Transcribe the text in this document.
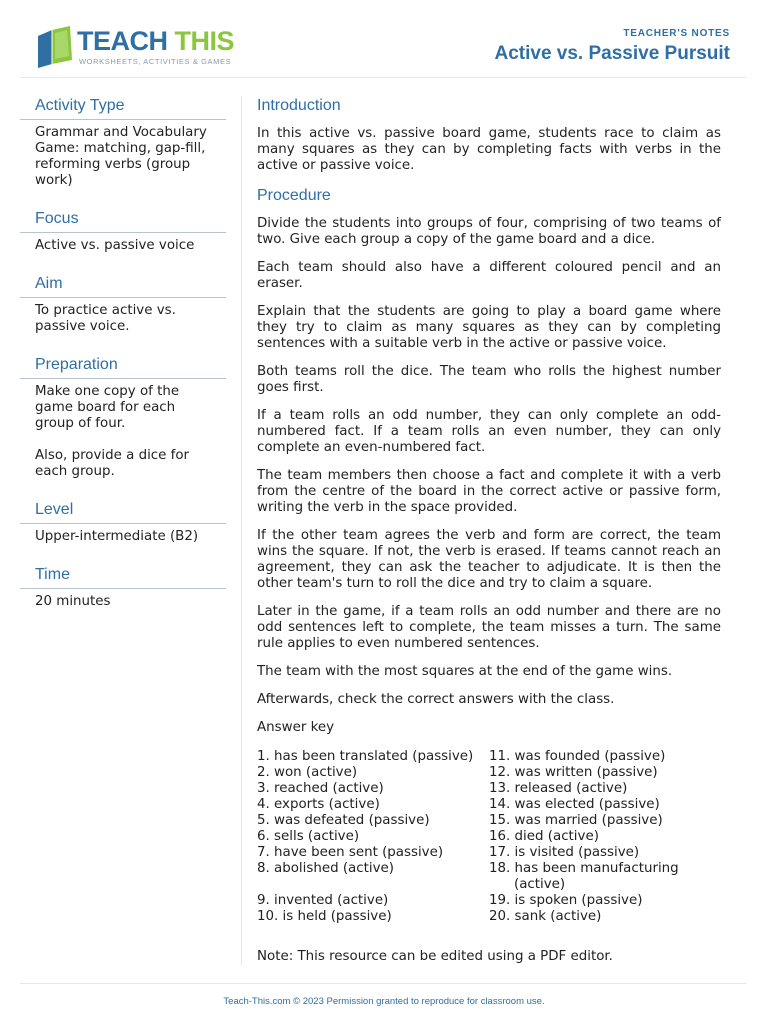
TEACH THIS
WORKSHEETS, ACTIVITIES & GAMES
TEACHER'S NOTES
Active vs. Passive Pursuit
Activity Type
Grammar and Vocabulary Game: matching, gap-fill, reforming verbs (group work)
Focus
Active vs. passive voice
Aim
To practice active vs. passive voice.
Preparation

Make one copy of the game board for each group of four.

Also, provide a dice for each group.

Level
Upper-intermediate (B2)
Time
20 minutes
Introduction

In this active vs. passive board game, students race to claim as many squares as they can by completing facts with verbs in the active or passive voice.

Procedure

Divide the students into groups of four, comprising of two teams of two. Give each group a copy of the game board and a dice.

Each team should also have a different coloured pencil and an eraser.

Explain that the students are going to play a board game where they try to claim as many squares as they can by completing sentences with a suitable verb in the active or passive voice.

Both teams roll the dice. The team who rolls the highest number goes first.

If a team rolls an odd number, they can only complete an odd-numbered fact. If a team rolls an even number, they can only complete an even-numbered fact.

The team members then choose a fact and complete it with a verb from the centre of the board in the correct active or passive form, writing the verb in the space provided.

If the other team agrees the verb and form are correct, the team wins the square. If not, the verb is erased. If teams cannot reach an agreement, they can ask the teacher to adjudicate. It is then the other team's turn to roll the dice and try to claim a square.

Later in the game, if a team rolls an odd number and there are no odd sentences left to complete, the team misses a turn. The same rule applies to even numbered sentences.

The team with the most squares at the end of the game wins.

Afterwards, check the correct answers with the class.

Answer key
1. has been translated (passive)
2. won (active)
3. reached (active)
4. exports (active)
5. was defeated (passive)
6. sells (active)
7. have been sent (passive)
8. abolished (active)

9. invented (active)
10. is held (passive)
11. was founded (passive)
12. was written (passive)
13. released (active)
14. was elected (passive)
15. was married (passive)
16. died (active)
17. is visited (passive)
18. has been manufacturing (active)
19. is spoken (passive)
20. sank (active)
Note: This resource can be edited using a PDF editor.
Teach-This.com © 2023 Permission granted to reproduce for classroom use.
